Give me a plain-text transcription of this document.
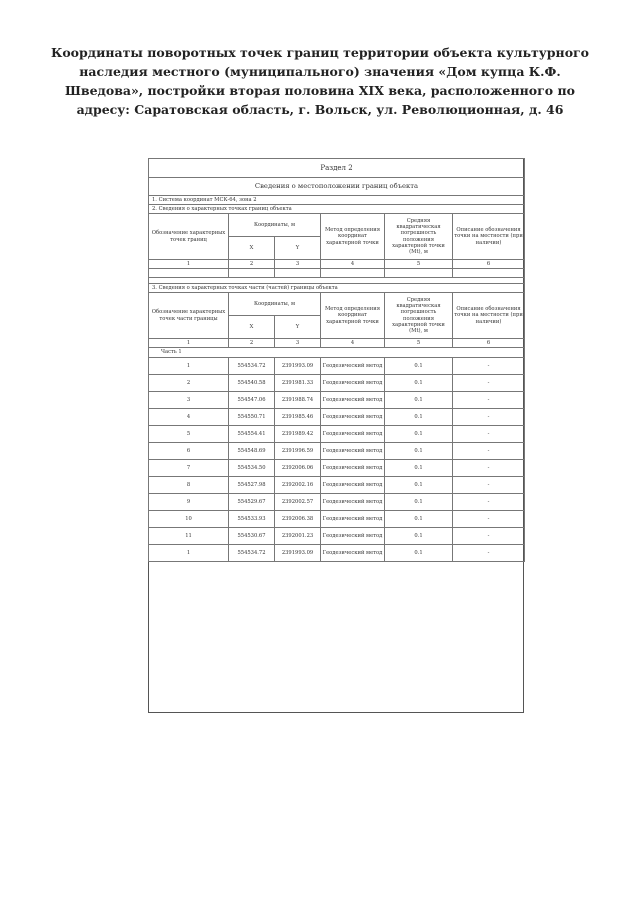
Координаты поворотных точек границ территории объекта культурного
наследия местного (муниципального) значения «Дом купца К.Ф.
Шведова», постройки вторая половина XIX века, расположенного по
адресу: Саратовская область, г. Вольск, ул. Революционная, д. 46
Раздел 2					
Сведения о местоположении границ объекта					
1. Система координат МСК-64, зона 2					
2. Сведения о характерных точках границ объекта					
Обозначение характерных точек границ	Координаты, м		Метод определения координат характерной точки	Средняя квадратическая погрешность положения характерной точки (Mt), м	Описание обозначения точки на местности (при наличии)
	X	Y			
1	2	3	4	5	6

3. Сведения о характерных точках части (частей) границы объекта					
Обозначение характерных точек части границы	Координаты, м		Метод определения координат характерной точки	Средняя квадратическая погрешность положения характерной точки (Mt), м	Описание обозначения точки на местности (при наличии)
	X	Y			
1	2	3	4	5	6
Часть 1					
1	554534.72	2391993.09	Геодезический метод	0.1	-
2	554540.58	2391981.33	Геодезический метод	0.1	-
3	554547.06	2391988.74	Геодезический метод	0.1	-
4	554550.71	2391985.46	Геодезический метод	0.1	-
5	554554.41	2391989.42	Геодезический метод	0.1	-
6	554548.69	2391996.59	Геодезический метод	0.1	-
7	554534.50	2392006.06	Геодезический метод	0.1	-
8	554527.98	2392002.16	Геодезический метод	0.1	-
9	554529.67	2392002.57	Геодезический метод	0.1	-
10	554533.93	2392006.38	Геодезический метод	0.1	-
11	554530.67	2392001.23	Геодезический метод	0.1	-
1	554534.72	2391993.09	Геодезический метод	0.1	-
